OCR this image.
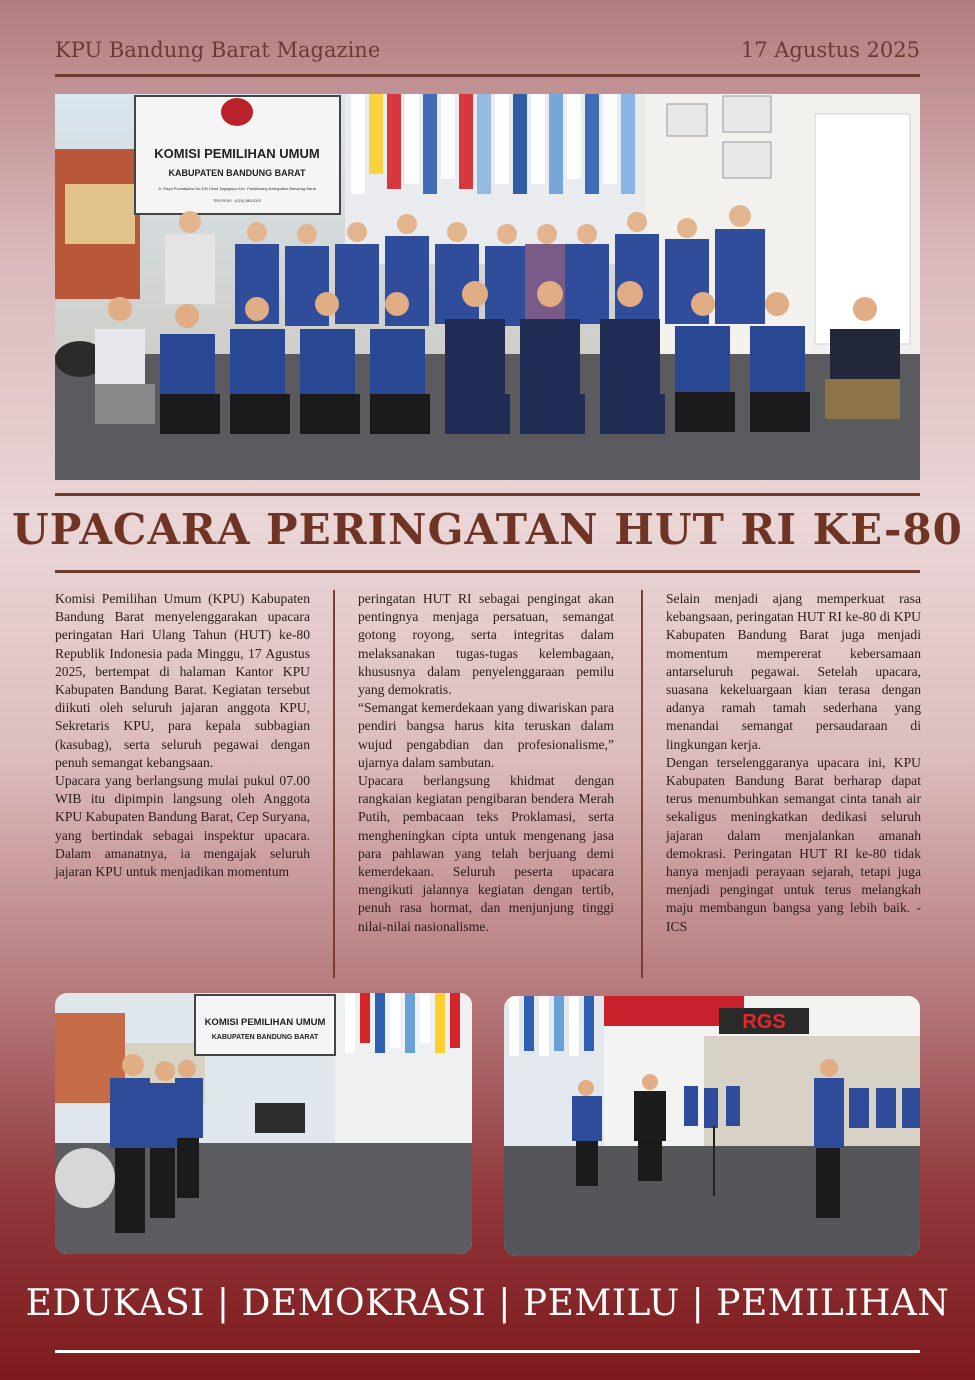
KPU Bandung Barat Magazine	17 Agustus 2025
KOMISI PEMILIHAN UMUM
KABUPATEN BANDUNG BARAT
Jl. Raya Purwakarta No.430 Desa Tagogapu Kec. Padalarang Kabupaten Bandung Barat
TELP/FAX : (022) 6812010
UPACARA PERINGATAN HUT RI KE-80

Komisi Pemilihan Umum (KPU) Kabupaten Bandung Barat menyelenggarakan upacara peringatan Hari Ulang Tahun (HUT) ke-80 Republik Indonesia pada Minggu, 17 Agustus 2025, bertempat di halaman Kantor KPU Kabupaten Bandung Barat. Kegiatan tersebut diikuti oleh seluruh jajaran anggota KPU, Sekretaris KPU, para kepala subbagian (kasubag), serta seluruh pegawai dengan penuh semangat kebangsaan.

Upacara yang berlangsung mulai pukul 07.00 WIB itu dipimpin langsung oleh Anggota KPU Kabupaten Bandung Barat, Cep Suryana, yang bertindak sebagai inspektur upacara. Dalam amanatnya, ia mengajak seluruh jajaran KPU untuk menjadikan momentum

peringatan HUT RI sebagai pengingat akan pentingnya menjaga persatuan, semangat gotong royong, serta integritas dalam melaksanakan tugas-tugas kelembagaan, khususnya dalam penyelenggaraan pemilu yang demokratis.

“Semangat kemerdekaan yang diwariskan para pendiri bangsa harus kita teruskan dalam wujud pengabdian dan profesionalisme,” ujarnya dalam sambutan.

Upacara berlangsung khidmat dengan rangkaian kegiatan pengibaran bendera Merah Putih, pembacaan teks Proklamasi, serta mengheningkan cipta untuk mengenang jasa para pahlawan yang telah berjuang demi kemerdekaan. Seluruh peserta upacara mengikuti jalannya kegiatan dengan tertib, penuh rasa hormat, dan menjunjung tinggi nilai-nilai nasionalisme.

Selain menjadi ajang memperkuat rasa kebangsaan, peringatan HUT RI ke-80 di KPU Kabupaten Bandung Barat juga menjadi momentum mempererat kebersamaan antarseluruh pegawai. Setelah upacara, suasana kekeluargaan kian terasa dengan adanya ramah tamah sederhana yang menandai semangat persaudaraan di lingkungan kerja.

Dengan terselenggaranya upacara ini, KPU Kabupaten Bandung Barat berharap dapat terus menumbuhkan semangat cinta tanah air sekaligus meningkatkan dedikasi seluruh jajaran dalam menjalankan amanah demokrasi. Peringatan HUT RI ke-80 tidak hanya menjadi perayaan sejarah, tetapi juga menjadi pengingat untuk terus melangkah maju membangun bangsa yang lebih baik. - ICS

KOMISI PEMILIHAN UMUM
KABUPATEN BANDUNG BARAT
RGS
EDUKASI | DEMOKRASI | PEMILU | PEMILIHAN
